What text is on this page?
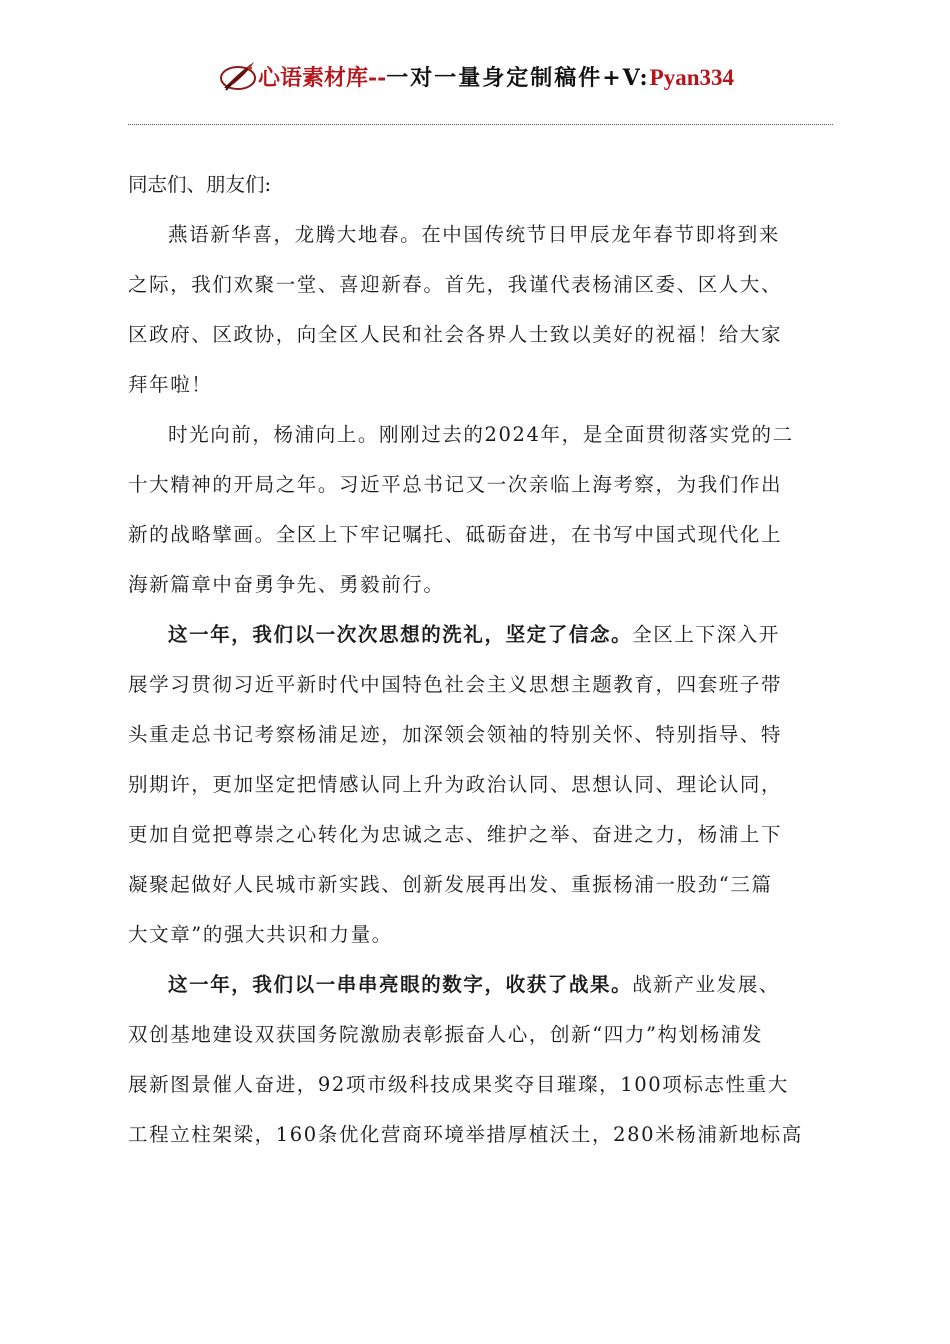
心语素材库--一对一量身定制稿件+V:Pyan334

同志们、朋友们:

燕语新华喜，龙腾大地春。在中国传统节日甲辰龙年春节即将到来
之际，我们欢聚一堂、喜迎新春。首先，我谨代表杨浦区委、区人大、
区政府、区政协，向全区人民和社会各界人士致以美好的祝福！给大家
拜年啦！
时光向前，杨浦向上。刚刚过去的2024年，是全面贯彻落实党的二
十大精神的开局之年。习近平总书记又一次亲临上海考察，为我们作出
新的战略擘画。全区上下牢记嘱托、砥砺奋进，在书写中国式现代化上
海新篇章中奋勇争先、勇毅前行。
这一年，我们以一次次思想的洗礼，坚定了信念。全区上下深入开
展学习贯彻习近平新时代中国特色社会主义思想主题教育，四套班子带
头重走总书记考察杨浦足迹，加深领会领袖的特别关怀、特别指导、特
别期许，更加坚定把情感认同上升为政治认同、思想认同、理论认同，
更加自觉把尊崇之心转化为忠诚之志、维护之举、奋进之力，杨浦上下
凝聚起做好人民城市新实践、创新发展再出发、重振杨浦一股劲“三篇
大文章”的强大共识和力量。
这一年，我们以一串串亮眼的数字，收获了战果。战新产业发展、
双创基地建设双获国务院激励表彰振奋人心，创新“四力”构划杨浦发
展新图景催人奋进，92项市级科技成果奖夺目璀璨，100项标志性重大
工程立柱架梁，160条优化营商环境举措厚植沃土，280米杨浦新地标高
